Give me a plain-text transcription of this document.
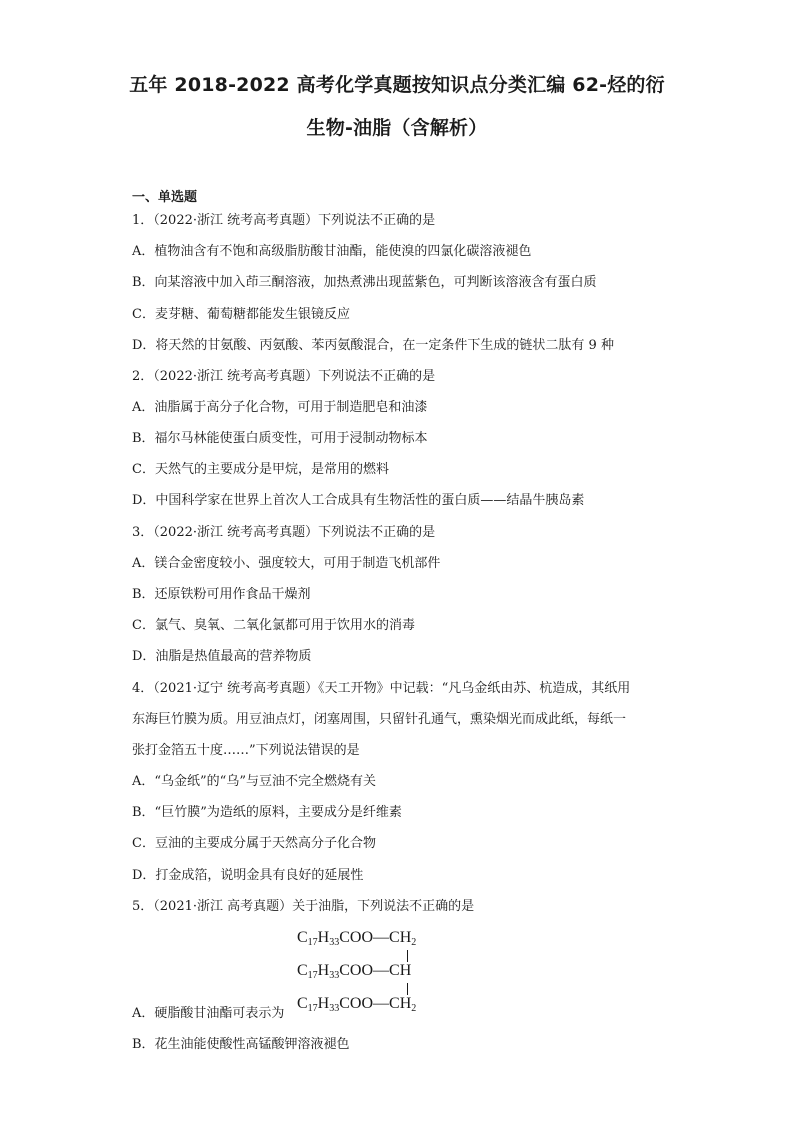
五年 2018-2022 高考化学真题按知识点分类汇编 62-烃的衍
生物-油脂（含解析）
一、单选题
1．（2022·浙江 统考高考真题）下列说法不正确的是
A．植物油含有不饱和高级脂肪酸甘油酯，能使溴的四氯化碳溶液褪色
B．向某溶液中加入茚三酮溶液，加热煮沸出现蓝紫色，可判断该溶液含有蛋白质
C．麦芽糖、葡萄糖都能发生银镜反应
D．将天然的甘氨酸、丙氨酸、苯丙氨酸混合，在一定条件下生成的链状二肽有 9 种
2．（2022·浙江 统考高考真题）下列说法不正确的是
A．油脂属于高分子化合物，可用于制造肥皂和油漆
B．福尔马林能使蛋白质变性，可用于浸制动物标本
C．天然气的主要成分是甲烷，是常用的燃料
D．中国科学家在世界上首次人工合成具有生物活性的蛋白质——结晶牛胰岛素
3．（2022·浙江 统考高考真题）下列说法不正确的是
A．镁合金密度较小、强度较大，可用于制造飞机部件
B．还原铁粉可用作食品干燥剂
C．氯气、臭氧、二氧化氯都可用于饮用水的消毒
D．油脂是热值最高的营养物质
4．（2021·辽宁 统考高考真题）《天工开物》中记载：“凡乌金纸由苏、杭造成，其纸用
东海巨竹膜为质。用豆油点灯，闭塞周围，只留针孔通气，熏染烟光而成此纸，每纸一
张打金箔五十度……”下列说法错误的是
A．“乌金纸”的“乌”与豆油不完全燃烧有关
B．“巨竹膜”为造纸的原料，主要成分是纤维素
C．豆油的主要成分属于天然高分子化合物
D．打金成箔，说明金具有良好的延展性
5．（2021·浙江 高考真题）关于油脂，下列说法不正确的是
$C_{17}H_{33}COO—CH_2$
$C_{17}H_{33}COO—CH$
$C_{17}H_{33}COO—CH_2$
A．硬脂酸甘油酯可表示为
B．花生油能使酸性高锰酸钾溶液褪色
